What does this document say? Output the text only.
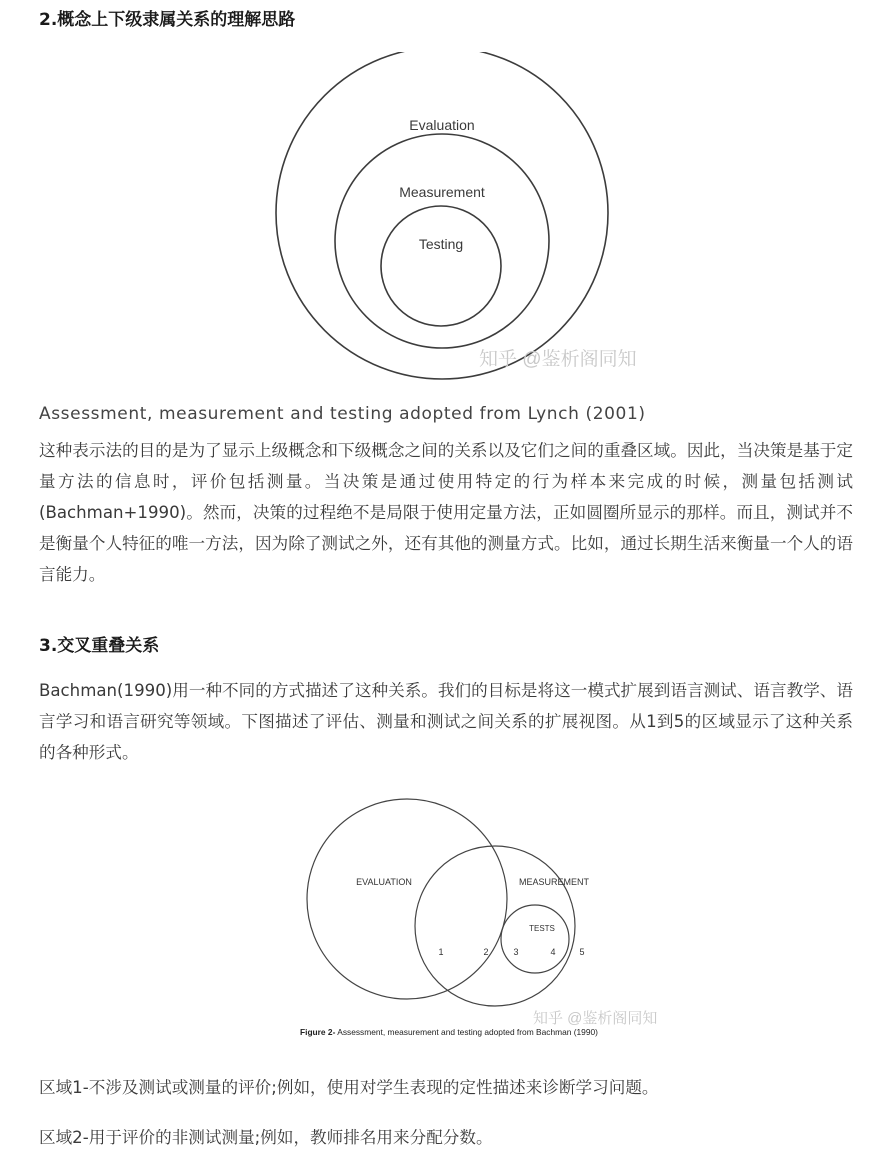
2.概念上下级隶属关系的理解思路
Evaluation
Measurement
Testing
知乎 @鉴析阁同知
Assessment, measurement and testing adopted from Lynch (2001)

这种表示法的目的是为了显示上级概念和下级概念之间的关系以及它们之间的重叠区域。因此，当决策是基于定量方法的信息时，评价包括测量。当决策是通过使用特定的行为样本来完成的时候，测量包括测试(Bachman+1990)。然而，决策的过程绝不是局限于使用定量方法，正如圆圈所显示的那样。而且，测试并不是衡量个人特征的唯一方法，因为除了测试之外，还有其他的测量方式。比如，通过长期生活来衡量一个人的语言能力。

3.交叉重叠关系

Bachman(1990)用一种不同的方式描述了这种关系。我们的目标是将这一模式扩展到语言测试、语言教学、语言学习和语言研究等领域。下图描述了评估、测量和测试之间关系的扩展视图。从1到5的区域显示了这种关系的各种形式。

EVALUATION	MEASUREMENT
TESTS
1	2	3	4	5
知乎 @鉴析阁同知
Figure 2- Assessment, measurement and testing adopted from Bachman (1990)

区域1-不涉及测试或测量的评价;例如，使用对学生表现的定性描述来诊断学习问题。

区域2-用于评价的非测试测量;例如，教师排名用来分配分数。
